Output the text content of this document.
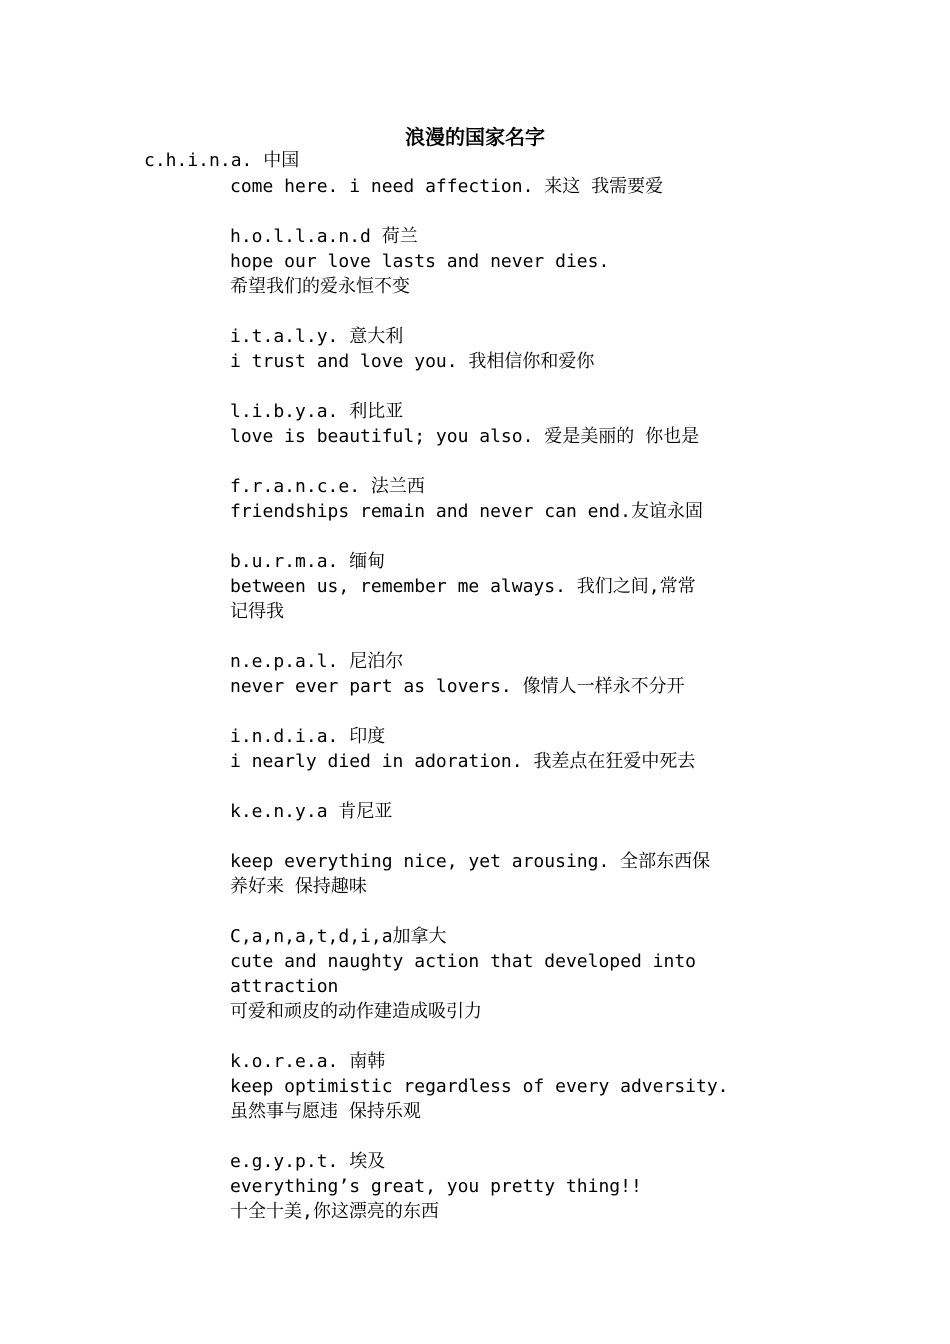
浪漫的国家名字
c.h.i.n.a. 中国
come here. i need affection. 来这 我需要爱
h.o.l.l.a.n.d 荷兰
hope our love lasts and never dies.
希望我们的爱永恒不变
i.t.a.l.y. 意大利
i trust and love you. 我相信你和爱你
l.i.b.y.a. 利比亚
love is beautiful; you also. 爱是美丽的 你也是
f.r.a.n.c.e. 法兰西
friendships remain and never can end.友谊永固
b.u.r.m.a. 缅甸
between us, remember me always. 我们之间,常常
记得我
n.e.p.a.l. 尼泊尔
never ever part as lovers. 像情人一样永不分开
i.n.d.i.a. 印度
i nearly died in adoration. 我差点在狂爱中死去
k.e.n.y.a 肯尼亚
keep everything nice, yet arousing. 全部东西保
养好来 保持趣味
C,a,n,a,t,d,i,a加拿大
cute and naughty action that developed into
attraction
可爱和顽皮的动作建造成吸引力
k.o.r.e.a. 南韩
keep optimistic regardless of every adversity.
虽然事与愿违 保持乐观
e.g.y.p.t. 埃及
everything’s great, you pretty thing!!
十全十美,你这漂亮的东西
